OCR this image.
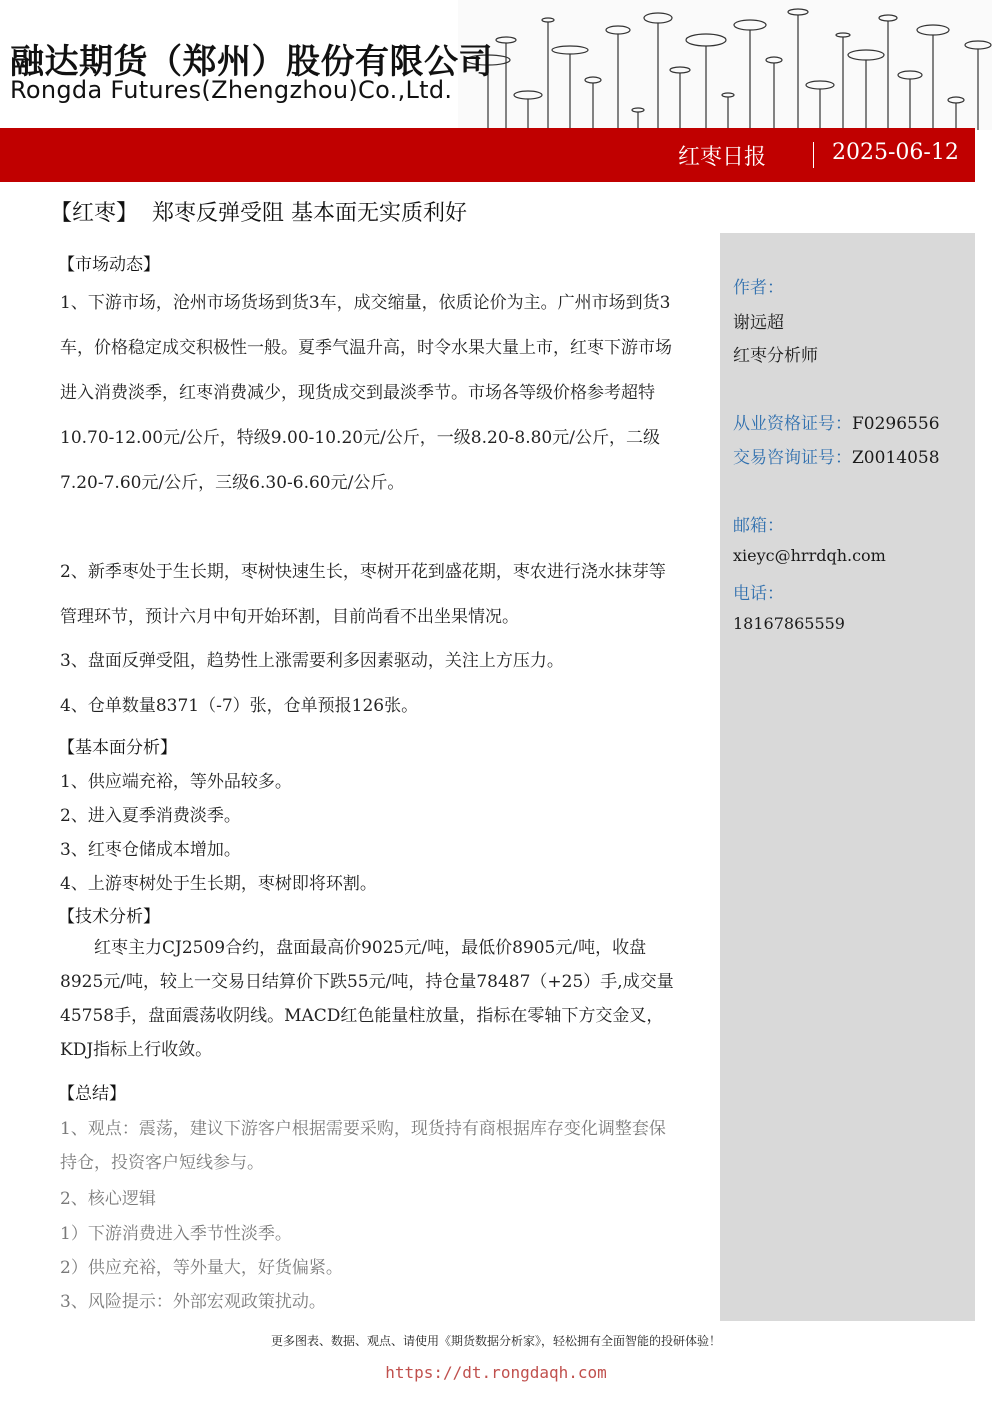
融达期货（郑州）股份有限公司
Rongda Futures(Zhengzhou)Co.,Ltd.
红枣日报	2025-06-12
【红枣】 郑枣反弹受阻 基本面无实质利好
【市场动态】
1、下游市场，沧州市场货场到货3车，成交缩量，依质论价为主。广州市场到货3车，价格稳定成交积极性一般。夏季气温升高，时令水果大量上市，红枣下游市场进入消费淡季，红枣消费减少，现货成交到最淡季节。市场各等级价格参考超特10.70-12.00元/公斤，特级9.00-10.20元/公斤，一级8.20-8.80元/公斤，二级7.20-7.60元/公斤，三级6.30-6.60元/公斤。
2、新季枣处于生长期，枣树快速生长，枣树开花到盛花期，枣农进行浇水抹芽等管理环节，预计六月中旬开始环割，目前尚看不出坐果情况。
3、盘面反弹受阻，趋势性上涨需要利多因素驱动，关注上方压力。
4、仓单数量8371（-7）张，仓单预报126张。
【基本面分析】
1、供应端充裕，等外品较多。
2、进入夏季消费淡季。
3、红枣仓储成本增加。
4、上游枣树处于生长期，枣树即将环割。
【技术分析】
红枣主力CJ2509合约，盘面最高价9025元/吨，最低价8905元/吨，收盘8925元/吨，较上一交易日结算价下跌55元/吨，持仓量78487（+25）手,成交量45758手，盘面震荡收阴线。MACD红色能量柱放量，指标在零轴下方交金叉，KDJ指标上行收敛。
【总结】
1、观点：震荡，建议下游客户根据需要采购，现货持有商根据库存变化调整套保持仓，投资客户短线参与。
2、核心逻辑
1）下游消费进入季节性淡季。
2）供应充裕，等外量大，好货偏紧。
3、风险提示：外部宏观政策扰动。
作者：
谢远超
红枣分析师
从业资格证号：F0296556
交易咨询证号：Z0014058
邮箱：
xieyc@hrrdqh.com
电话：
18167865559
更多图表、数据、观点、请使用《期货数据分析家》，轻松拥有全面智能的投研体验！
https://dt.rongdaqh.com
